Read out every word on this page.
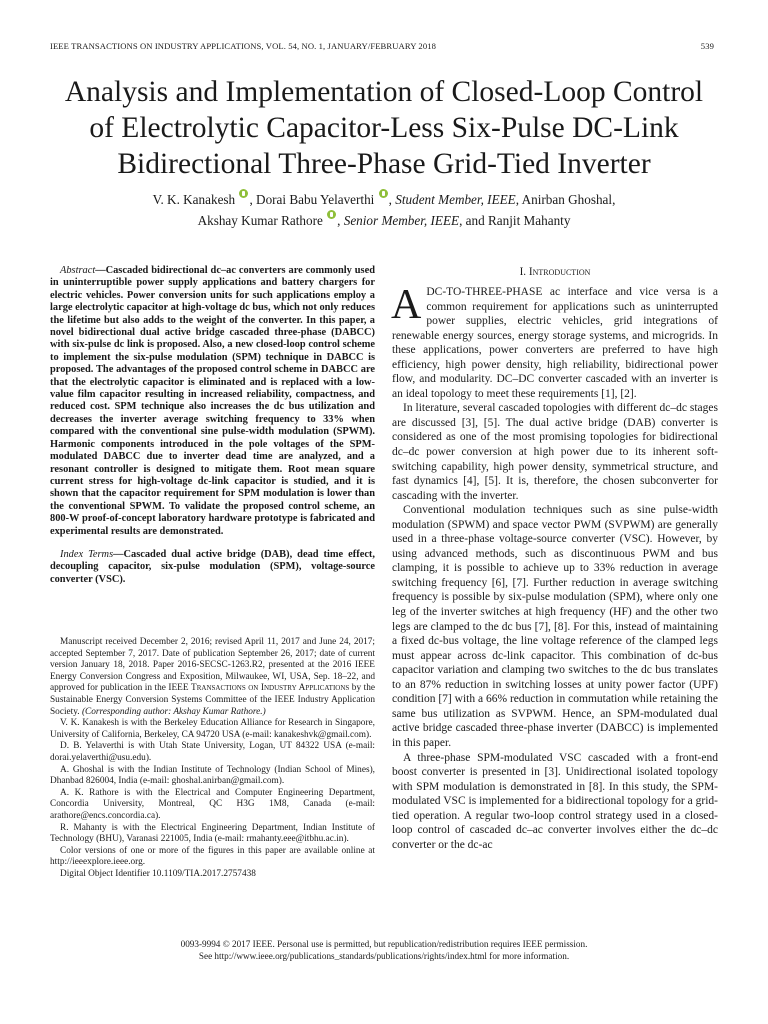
IEEE TRANSACTIONS ON INDUSTRY APPLICATIONS, VOL. 54, NO. 1, JANUARY/FEBRUARY 2018	539
Analysis and Implementation of Closed-Loop Control
of Electrolytic Capacitor-Less Six-Pulse DC-Link
Bidirectional Three-Phase Grid-Tied Inverter
V. K. Kanakesh , Dorai Babu Yelaverthi , Student Member, IEEE, Anirban Ghoshal,
Akshay Kumar Rathore , Senior Member, IEEE, and Ranjit Mahanty

Abstract—Cascaded bidirectional dc–ac converters are commonly used in uninterruptible power supply applications and battery chargers for electric vehicles. Power conversion units for such applications employ a large electrolytic capacitor at high-voltage dc bus, which not only reduces the lifetime but also adds to the weight of the converter. In this paper, a novel bidirectional dual active bridge cascaded three-phase (DABCC) with six-pulse dc link is proposed. Also, a new closed-loop control scheme to implement the six-pulse modulation (SPM) technique in DABCC is proposed. The advantages of the proposed control scheme in DABCC are that the electrolytic capacitor is eliminated and is replaced with a low-value film capacitor resulting in increased reliability, compactness, and reduced cost. SPM technique also increases the dc bus utilization and decreases the inverter average switching frequency to 33% when compared with the conventional sine pulse-width modulation (SPWM). Harmonic components introduced in the pole voltages of the SPM-modulated DABCC due to inverter dead time are analyzed, and a resonant controller is designed to mitigate them. Root mean square current stress for high-voltage dc-link capacitor is studied, and it is shown that the capacitor requirement for SPM modulation is lower than the conventional SPWM. To validate the proposed control scheme, an 800-W proof-of-concept laboratory hardware prototype is fabricated and experimental results are demonstrated.

Index Terms—Cascaded dual active bridge (DAB), dead time effect, decoupling capacitor, six-pulse modulation (SPM), voltage-source converter (VSC).

Manuscript received December 2, 2016; revised April 11, 2017 and June 24, 2017; accepted September 7, 2017. Date of publication September 26, 2017; date of current version January 18, 2018. Paper 2016-SECSC-1263.R2, presented at the 2016 IEEE Energy Conversion Congress and Exposition, Milwaukee, WI, USA, Sep. 18–22, and approved for publication in the IEEE Transactions on Industry Applications by the Sustainable Energy Conversion Systems Committee of the IEEE Industry Application Society. (Corresponding author: Akshay Kumar Rathore.)

V. K. Kanakesh is with the Berkeley Education Alliance for Research in Singapore, University of California, Berkeley, CA 94720 USA (e-mail: kanakeshvk@gmail.com).

D. B. Yelaverthi is with Utah State University, Logan, UT 84322 USA (e-mail: dorai.yelaverthi@usu.edu).

A. Ghoshal is with the Indian Institute of Technology (Indian School of Mines), Dhanbad 826004, India (e-mail: ghoshal.anirban@gmail.com).

A. K. Rathore is with the Electrical and Computer Engineering Department, Concordia University, Montreal, QC H3G 1M8, Canada (e-mail: arathore@encs.concordia.ca).

R. Mahanty is with the Electrical Engineering Department, Indian Institute of Technology (BHU), Varanasi 221005, India (e-mail: rmahanty.eee@itbhu.ac.in).

Color versions of one or more of the figures in this paper are available online at http://ieeexplore.ieee.org.

Digital Object Identifier 10.1109/TIA.2017.2757438

I. Introduction

ADC-TO-THREE-PHASE ac interface and vice versa is a common requirement for applications such as uninterrupted power supplies, electric vehicles, grid integrations of renewable energy sources, energy storage systems, and microgrids. In these applications, power converters are preferred to have high efficiency, high power density, high reliability, bidirectional power flow, and modularity. DC–DC converter cascaded with an inverter is an ideal topology to meet these requirements [1], [2].

In literature, several cascaded topologies with different dc–dc stages are discussed [3], [5]. The dual active bridge (DAB) converter is considered as one of the most promising topologies for bidirectional dc–dc power conversion at high power due to its inherent soft-switching capability, high power density, symmetrical structure, and fast dynamics [4], [5]. It is, therefore, the chosen subconverter for cascading with the inverter.

Conventional modulation techniques such as sine pulse-width modulation (SPWM) and space vector PWM (SVPWM) are generally used in a three-phase voltage-source converter (VSC). However, by using advanced methods, such as discontinuous PWM and bus clamping, it is possible to achieve up to 33% reduction in average switching frequency [6], [7]. Further reduction in average switching frequency is possible by six-pulse modulation (SPM), where only one leg of the inverter switches at high frequency (HF) and the other two legs are clamped to the dc bus [7], [8]. For this, instead of maintaining a fixed dc-bus voltage, the line voltage reference of the clamped legs must appear across dc-link capacitor. This combination of dc-bus capacitor variation and clamping two switches to the dc bus translates to an 87% reduction in switching losses at unity power factor (UPF) condition [7] with a 66% reduction in commutation while retaining the same bus utilization as SVPWM. Hence, an SPM-modulated dual active bridge cascaded three-phase inverter (DABCC) is implemented in this paper.

A three-phase SPM-modulated VSC cascaded with a front-end boost converter is presented in [3]. Unidirectional isolated topology with SPM modulation is demonstrated in [8]. In this study, the SPM-modulated VSC is implemented for a bidirectional topology for a grid-tied operation. A regular two-loop control strategy used in a closed-loop control of cascaded dc–ac converter involves either the dc–dc converter or the dc-ac

0093-9994 © 2017 IEEE. Personal use is permitted, but republication/redistribution requires IEEE permission.
See http://www.ieee.org/publications_standards/publications/rights/index.html for more information.
